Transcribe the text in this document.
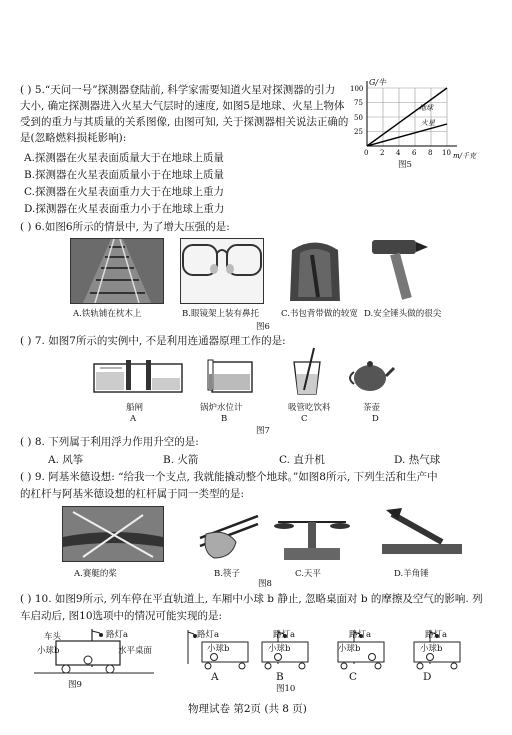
( ) 5.“天问一号”探测器登陆前, 科学家需要知道火星对探测器的引力
大小, 确定探测器进入火星大气层时的速度, 如图5是地球、火星上物体
受到的重力与其质量的关系图像, 由图可知, 关于探测器相关说法正确的
是(忽略燃料损耗影响):
A.探测器在火星表面质量大于在地球上质量
B.探测器在火星表面质量小于在地球上质量
C.探测器在火星表面重力大于在地球上重力
D.探测器在火星表面重力小于在地球上重力
G/牛
m/千克
100
75
50
25
0 2 4 6 8 10
地球
火星
图5
( ) 6.如图6所示的情景中, 为了增大压强的是:
A.铁轨铺在枕木上	B.眼镜架上装有鼻托	C.书包背带做的较宽 D.安全锤头做的很尖
图6
( ) 7. 如图7所示的实例中, 不是利用连通器原理工作的是:
船闸	锅炉水位计	吸管吃饮料	茶壶
A	B	C	D
图7
( ) 8. 下列属于利用浮力作用升空的是:
A. 风筝	B. 火箭	C. 直升机	D. 热气球
( ) 9. 阿基米德设想: “给我一个支点, 我就能撬动整个地球。”如图8所示, 下列生活和生产中
的杠杆与阿基米德设想的杠杆属于同一类型的是:
A.赛艇的桨	B.筷子	C.天平	D.羊角锤
图8
( ) 10. 如图9所示, 列车停在平直轨道上, 车厢中小球 b 静止, 忽略桌面对 b 的摩擦及空气的影响. 列
车启动后, 图10选项中的情况可能实现的是:
车头	路灯a
小球b	水平桌面
图9
路灯a
小球b
路灯a
小球b
路灯a
小球b
路灯a
小球b
A	B	C	D
图10
物理试卷 第2页 (共 8 页)
